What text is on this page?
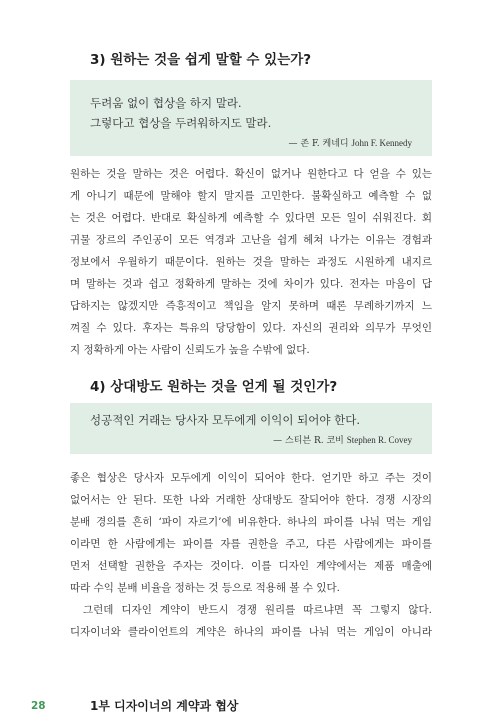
3) 원하는 것을 쉽게 말할 수 있는가?
두려움 없이 협상을 하지 말라.
그렇다고 협상을 두려워하지도 말라.
— 존 F. 케네디 John F. Kennedy
원하는 것을 말하는 것은 어렵다. 확신이 없거나 원한다고 다 얻을 수 있는
게 아니기 때문에 말해야 할지 말지를 고민한다. 불확실하고 예측할 수 없
는 것은 어렵다. 반대로 확실하게 예측할 수 있다면 모든 일이 쉬워진다. 회
귀물 장르의 주인공이 모든 역경과 고난을 쉽게 헤쳐 나가는 이유는 경험과
정보에서 우월하기 때문이다. 원하는 것을 말하는 과정도 시원하게 내지르
며 말하는 것과 쉽고 정확하게 말하는 것에 차이가 있다. 전자는 마음이 답
답하지는 않겠지만 즉흥적이고 책임을 알지 못하며 때론 무례하기까지 느
껴질 수 있다. 후자는 특유의 당당함이 있다. 자신의 권리와 의무가 무엇인
지 정확하게 아는 사람이 신뢰도가 높을 수밖에 없다.
4) 상대방도 원하는 것을 얻게 될 것인가?
성공적인 거래는 당사자 모두에게 이익이 되어야 한다.
— 스티븐 R. 코비 Stephen R. Covey
좋은 협상은 당사자 모두에게 이익이 되어야 한다. 얻기만 하고 주는 것이
없어서는 안 된다. 또한 나와 거래한 상대방도 잘되어야 한다. 경쟁 시장의
분배 경의를 흔히 ‘파이 자르기’에 비유한다. 하나의 파이를 나눠 먹는 게임
이라면 한 사람에게는 파이를 자를 권한을 주고, 다른 사람에게는 파이를
먼저 선택할 권한을 주자는 것이다. 이를 디자인 계약에서는 제품 매출에
따라 수익 분배 비율을 정하는 것 등으로 적용해 볼 수 있다.
그런데 디자인 계약이 반드시 경쟁 원리를 따르냐면 꼭 그렇지 않다.
디자이너와 클라이언트의 계약은 하나의 파이를 나눠 먹는 게임이 아니라
28	1부 디자이너의 계약과 협상
